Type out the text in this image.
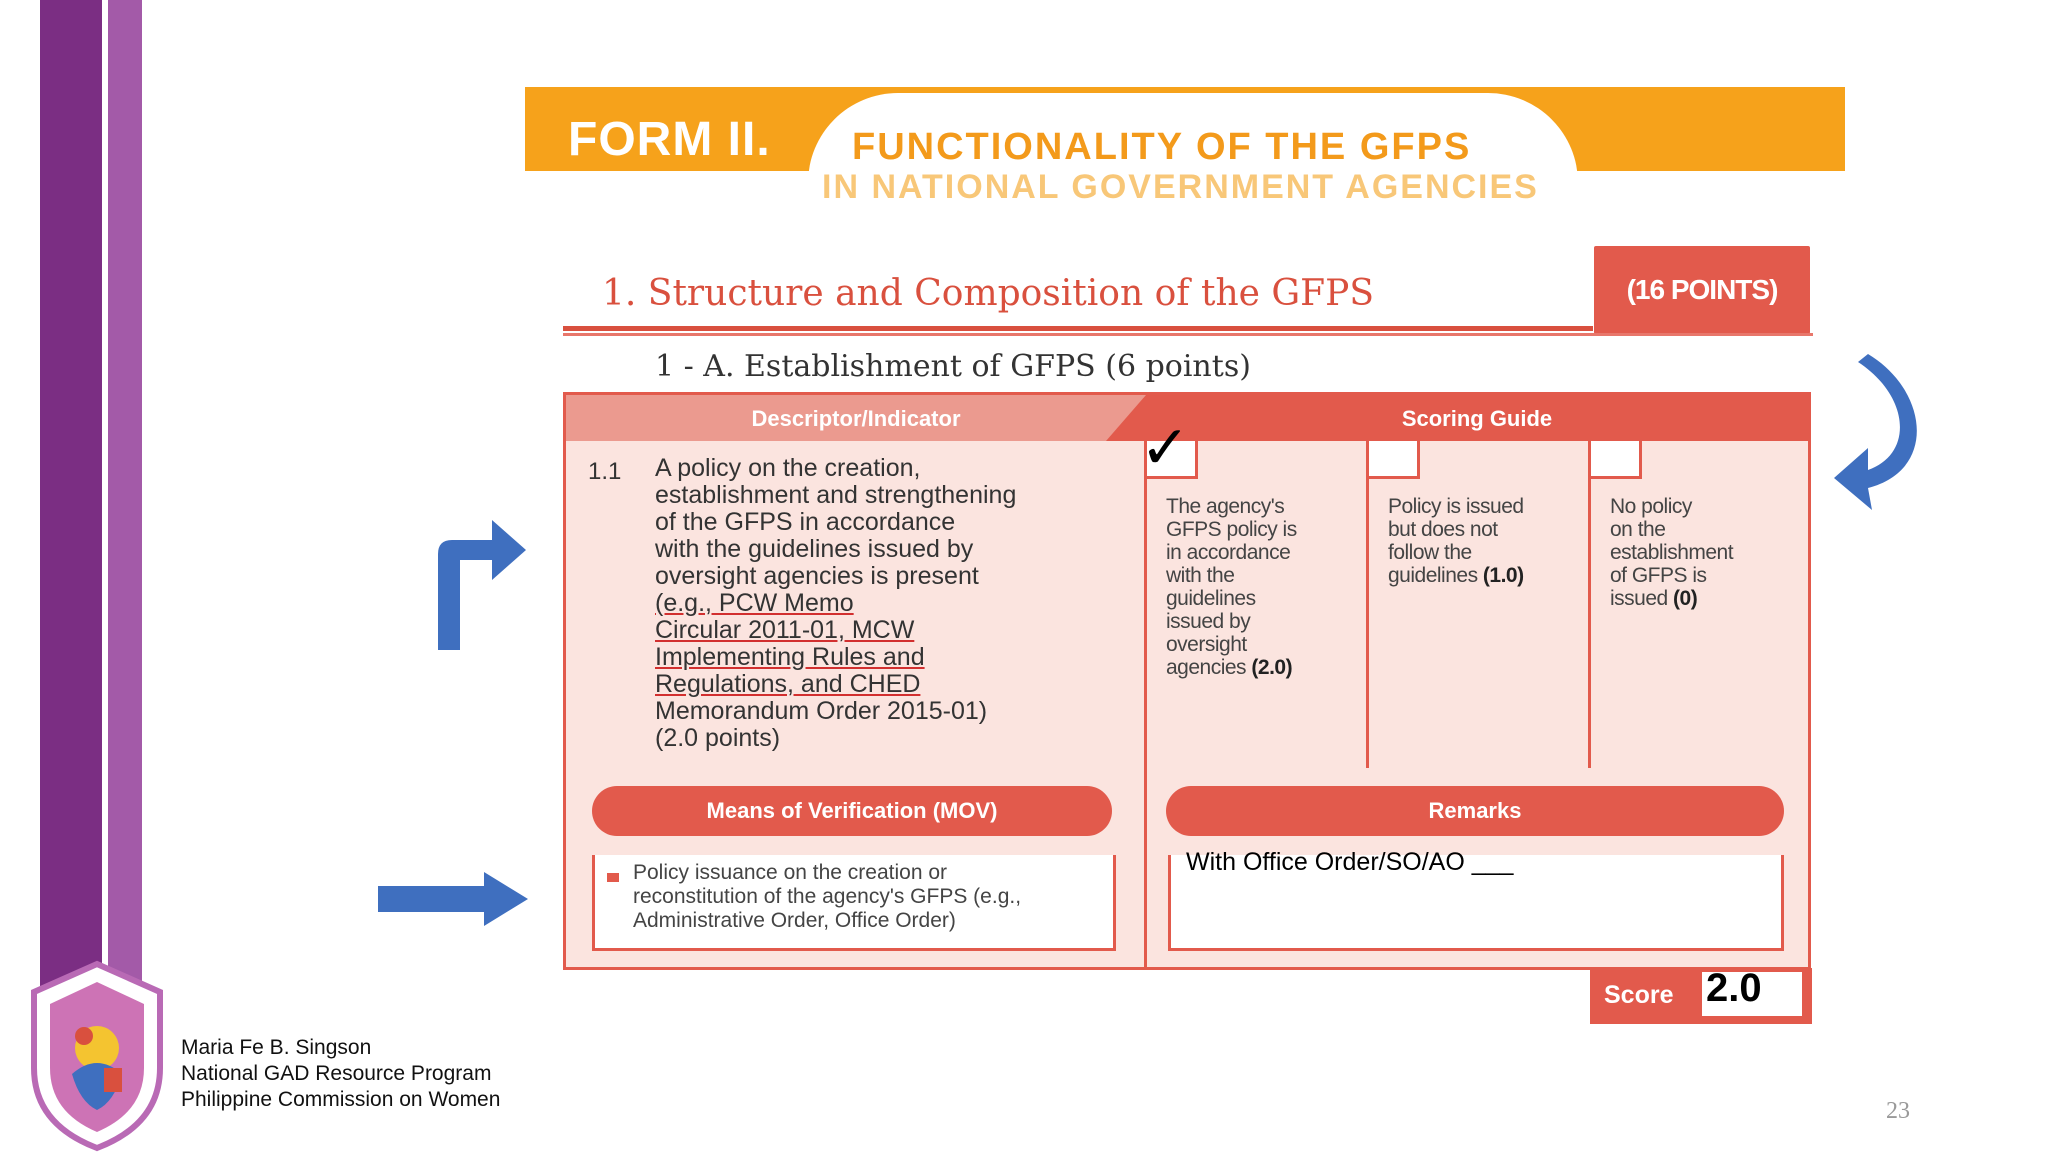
FORM II. FUNCTIONALITY OF THE GFPS
IN NATIONAL GOVERNMENT AGENCIES
1. Structure and Composition of the GFPS	(16 POINTS)
1 - A. Establishment of GFPS (6 points)
Descriptor/Indicator	Scoring Guide
1.1 A policy on the creation,
establishment and strengthening
of the GFPS in accordance
with the guidelines issued by
oversight agencies is present
(e.g., PCW Memo
Circular 2011-01, MCW
Implementing Rules and
Regulations, and CHED
Memorandum Order 2015-01)
(2.0 points)
✓
The agency's
GFPS policy is
in accordance
with the
guidelines
issued by
oversight
agencies (2.0)
Policy is issued
but does not
follow the
guidelines (1.0)
No policy
on the
establishment
of GFPS is
issued (0)
Means of Verification (MOV)	Remarks
Policy issuance on the creation or
reconstitution of the agency's GFPS (e.g.,
Administrative Order, Office Order)
With Office Order/SO/AO ___
Score 2.0
Maria Fe B. Singson
National GAD Resource Program
Philippine Commission on Women	23
